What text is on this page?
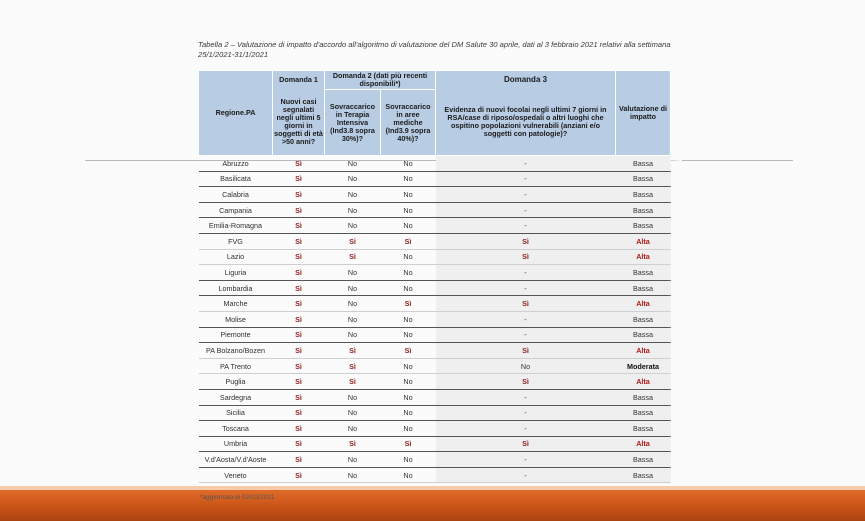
Tabella 2 – Valutazione di impatto d'accordo all'algoritmo di valutazione del DM Salute 30 aprile, dati al 3 febbraio 2021 relativi alla settimana 25/1/2021-31/1/2021
Regione.PA	Domanda 1	Domanda 2 (dati più recenti disponibili*)		Domanda 3	Valutazione di impatto
	Nuovi casi segnalati negli ultimi 5 giorni in soggetti di età >50 anni?	Sovraccarico in Terapia Intensiva (Ind3.8 sopra 30%)?	Sovraccarico in aree mediche (Ind3.9 sopra 40%)?	Evidenza di nuovi focolai negli ultimi 7 giorni in RSA/case di riposo/ospedali o altri luoghi che ospitino popolazioni vulnerabili (anziani e/o soggetti con patologie)?	
Abruzzo	Sì	No	No	-	Bassa
Basilicata	Sì	No	No	-	Bassa
Calabria	Sì	No	No	-	Bassa
Campania	Sì	No	No	-	Bassa
Emilia-Romagna	Sì	No	No	-	Bassa
FVG	Sì	Sì	Sì	Sì	Alta
Lazio	Sì	Sì	No	Sì	Alta
Liguria	Sì	No	No	-	Bassa
Lombardia	Sì	No	No	-	Bassa
Marche	Sì	No	Sì	Sì	Alta
Molise	Sì	No	No	-	Bassa
Piemonte	Sì	No	No	-	Bassa
PA Bolzano/Bozen	Sì	Sì	Sì	Sì	Alta
PA Trento	Sì	Sì	No	No	Moderata
Puglia	Sì	Sì	No	Sì	Alta
Sardegna	Sì	No	No	-	Bassa
Sicilia	Sì	No	No	-	Bassa
Toscana	Sì	No	No	-	Bassa
Umbria	Sì	Sì	Sì	Sì	Alta
V.d'Aosta/V.d'Aoste	Sì	No	No	-	Bassa
Veneto	Sì	No	No	-	Bassa
*aggiornato al 02/02/2021
